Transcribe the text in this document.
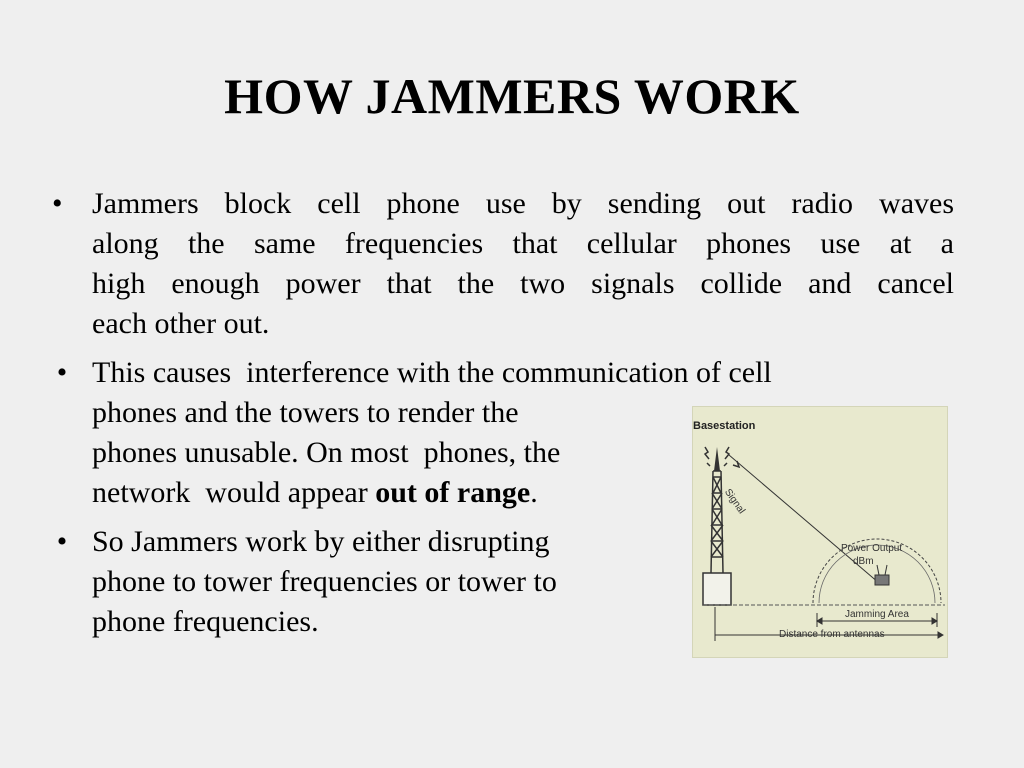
HOW JAMMERS WORK
• Jammers block cell phone use by sending out radio waves
along the same frequencies that cellular phones use at a
high enough power that the two signals collide and cancel
each other out.
• This causes  interference with the communication of cell
phones and the towers to render the
phones unusable. On most  phones, the
network  would appear out of range.
• So Jammers work by either disrupting
phone to tower frequencies or tower to
phone frequencies.
Basestation
Signal
Power Output
dBm
Jamming Area
Distance from antennas
